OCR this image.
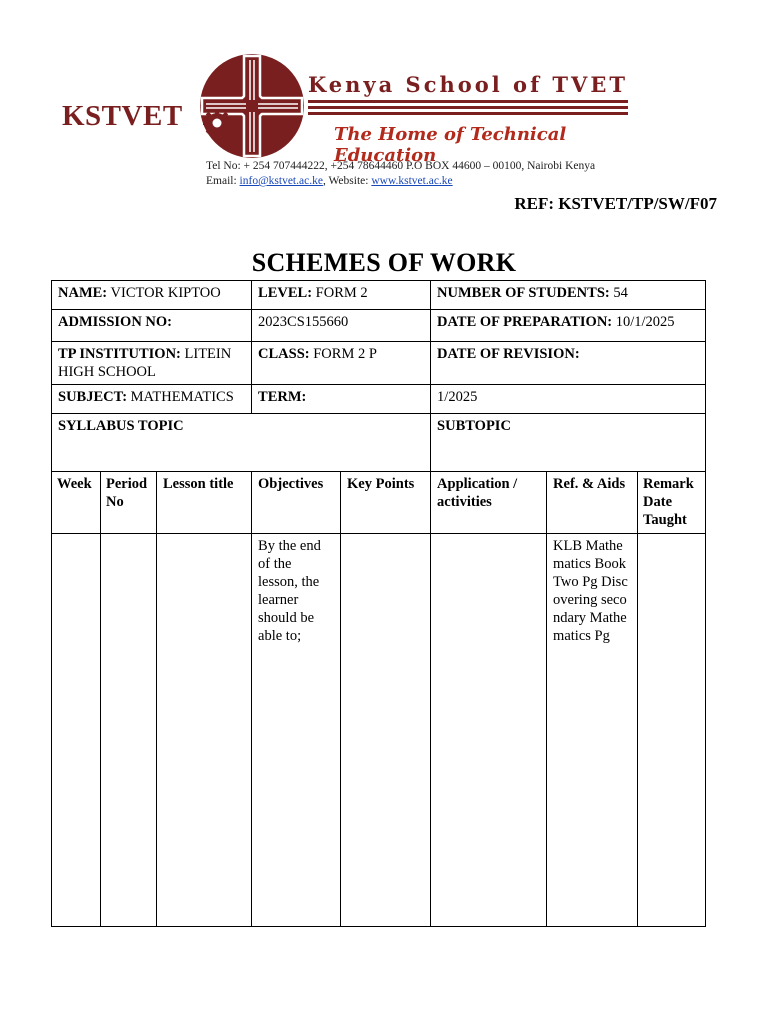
KSTVET
Kenya School of TVET
The Home of Technical Education
Tel No: + 254 707444222, +254 78644460 P.O BOX 44600 – 00100, Nairobi Kenya
Email: info@kstvet.ac.ke, Website: www.kstvet.ac.ke
REF: KSTVET/TP/SW/F07
SCHEMES OF WORK
NAME: VICTOR KIPTOO			LEVEL: FORM 2		NUMBER OF STUDENTS: 54		
ADMISSION NO:			2023CS155660		DATE OF PREPARATION: 10/1/2025		
TP INSTITUTION: LITEIN HIGH SCHOOL			CLASS: FORM 2 P		DATE OF REVISION:		
SUBJECT: MATHEMATICS			TERM:		1/2025		
SYLLABUS TOPIC					SUBTOPIC		
Week	Period No	Lesson title	Objectives	Key Points	Application / activities	Ref. & Aids	Remark Date Taught
			By the end of the lesson, the learner should be able to;			KLB Mathematics Book Two Pg Discovering secondary Mathematics Pg	
